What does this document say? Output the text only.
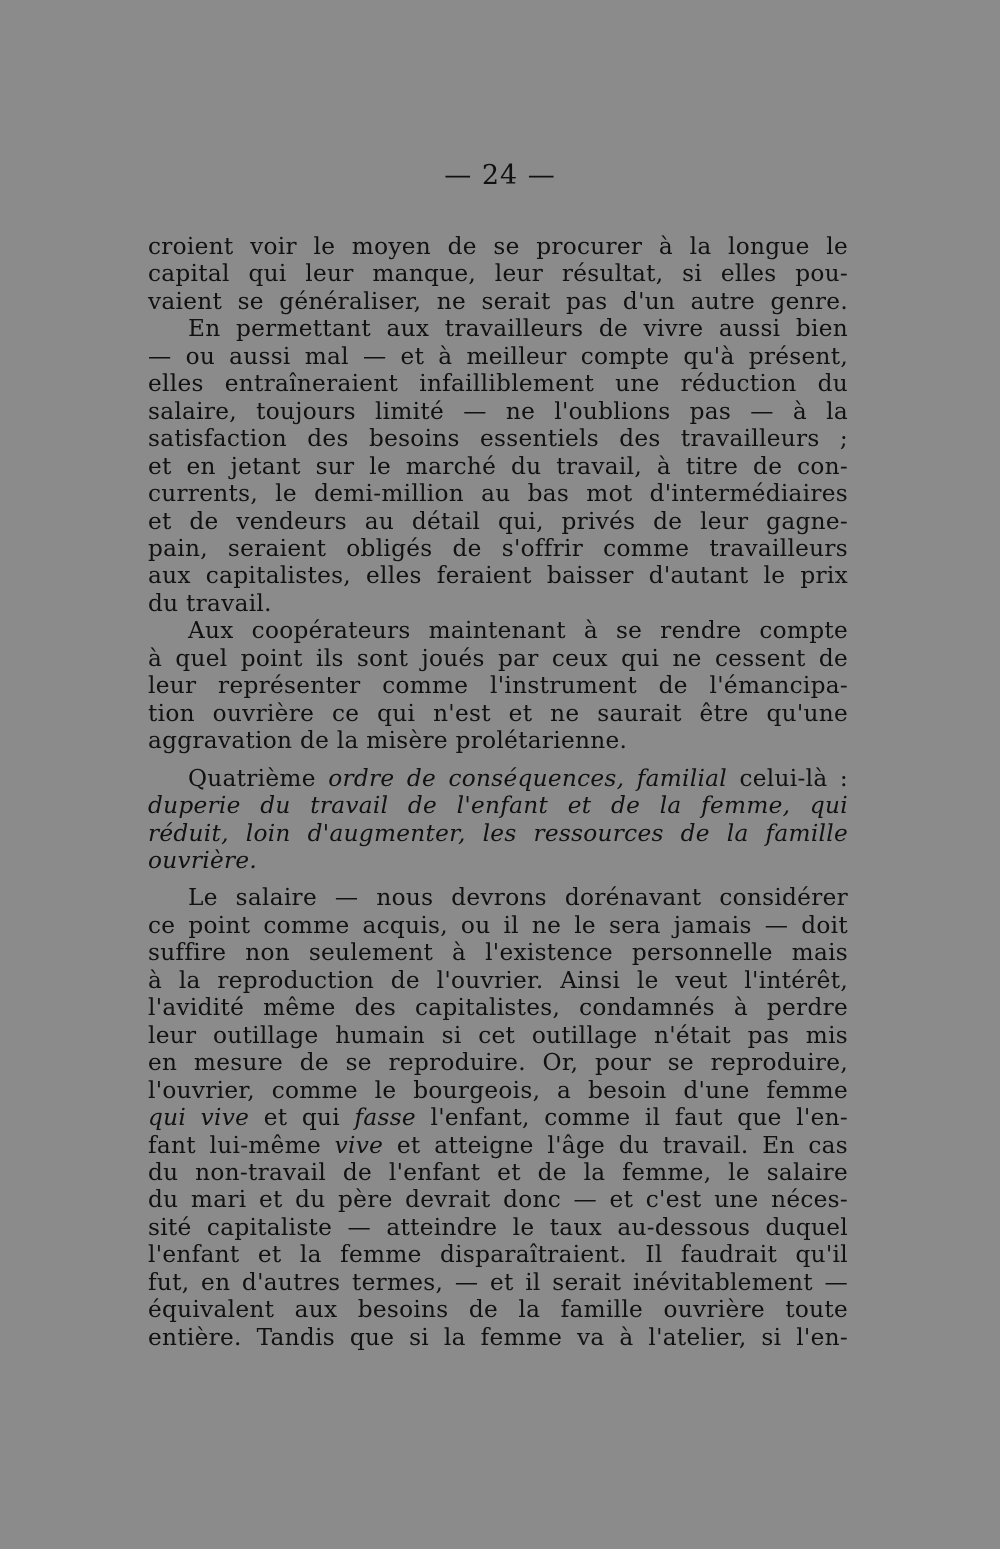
— 24 —
croient voir le moyen de se procurer à la longue le
capital qui leur manque, leur résultat, si elles pou-
vaient se généraliser, ne serait pas d'un autre genre.
En permettant aux travailleurs de vivre aussi bien
— ou aussi mal — et à meilleur compte qu'à présent,
elles entraîneraient infailliblement une réduction du
salaire, toujours limité — ne l'oublions pas — à la
satisfaction des besoins essentiels des travailleurs ;
et en jetant sur le marché du travail, à titre de con-
currents, le demi-million au bas mot d'intermédiaires
et de vendeurs au détail qui, privés de leur gagne-
pain, seraient obligés de s'offrir comme travailleurs
aux capitalistes, elles feraient baisser d'autant le prix
du travail.
Aux coopérateurs maintenant à se rendre compte
à quel point ils sont joués par ceux qui ne cessent de
leur représenter comme l'instrument de l'émancipa-
tion ouvrière ce qui n'est et ne saurait être qu'une
aggravation de la misère prolétarienne.
Quatrième ordre de conséquences, familial celui-là :
duperie du travail de l'enfant et de la femme, qui
réduit, loin d'augmenter, les ressources de la famille
ouvrière.
Le salaire — nous devrons dorénavant considérer
ce point comme acquis, ou il ne le sera jamais — doit
suffire non seulement à l'existence personnelle mais
à la reproduction de l'ouvrier. Ainsi le veut l'intérêt,
l'avidité même des capitalistes, condamnés à perdre
leur outillage humain si cet outillage n'était pas mis
en mesure de se reproduire. Or, pour se reproduire,
l'ouvrier, comme le bourgeois, a besoin d'une femme
qui vive et qui fasse l'enfant, comme il faut que l'en-
fant lui-même vive et atteigne l'âge du travail. En cas
du non-travail de l'enfant et de la femme, le salaire
du mari et du père devrait donc — et c'est une néces-
sité capitaliste — atteindre le taux au-dessous duquel
l'enfant et la femme disparaîtraient. Il faudrait qu'il
fut, en d'autres termes, — et il serait inévitablement —
équivalent aux besoins de la famille ouvrière toute
entière. Tandis que si la femme va à l'atelier, si l'en-
